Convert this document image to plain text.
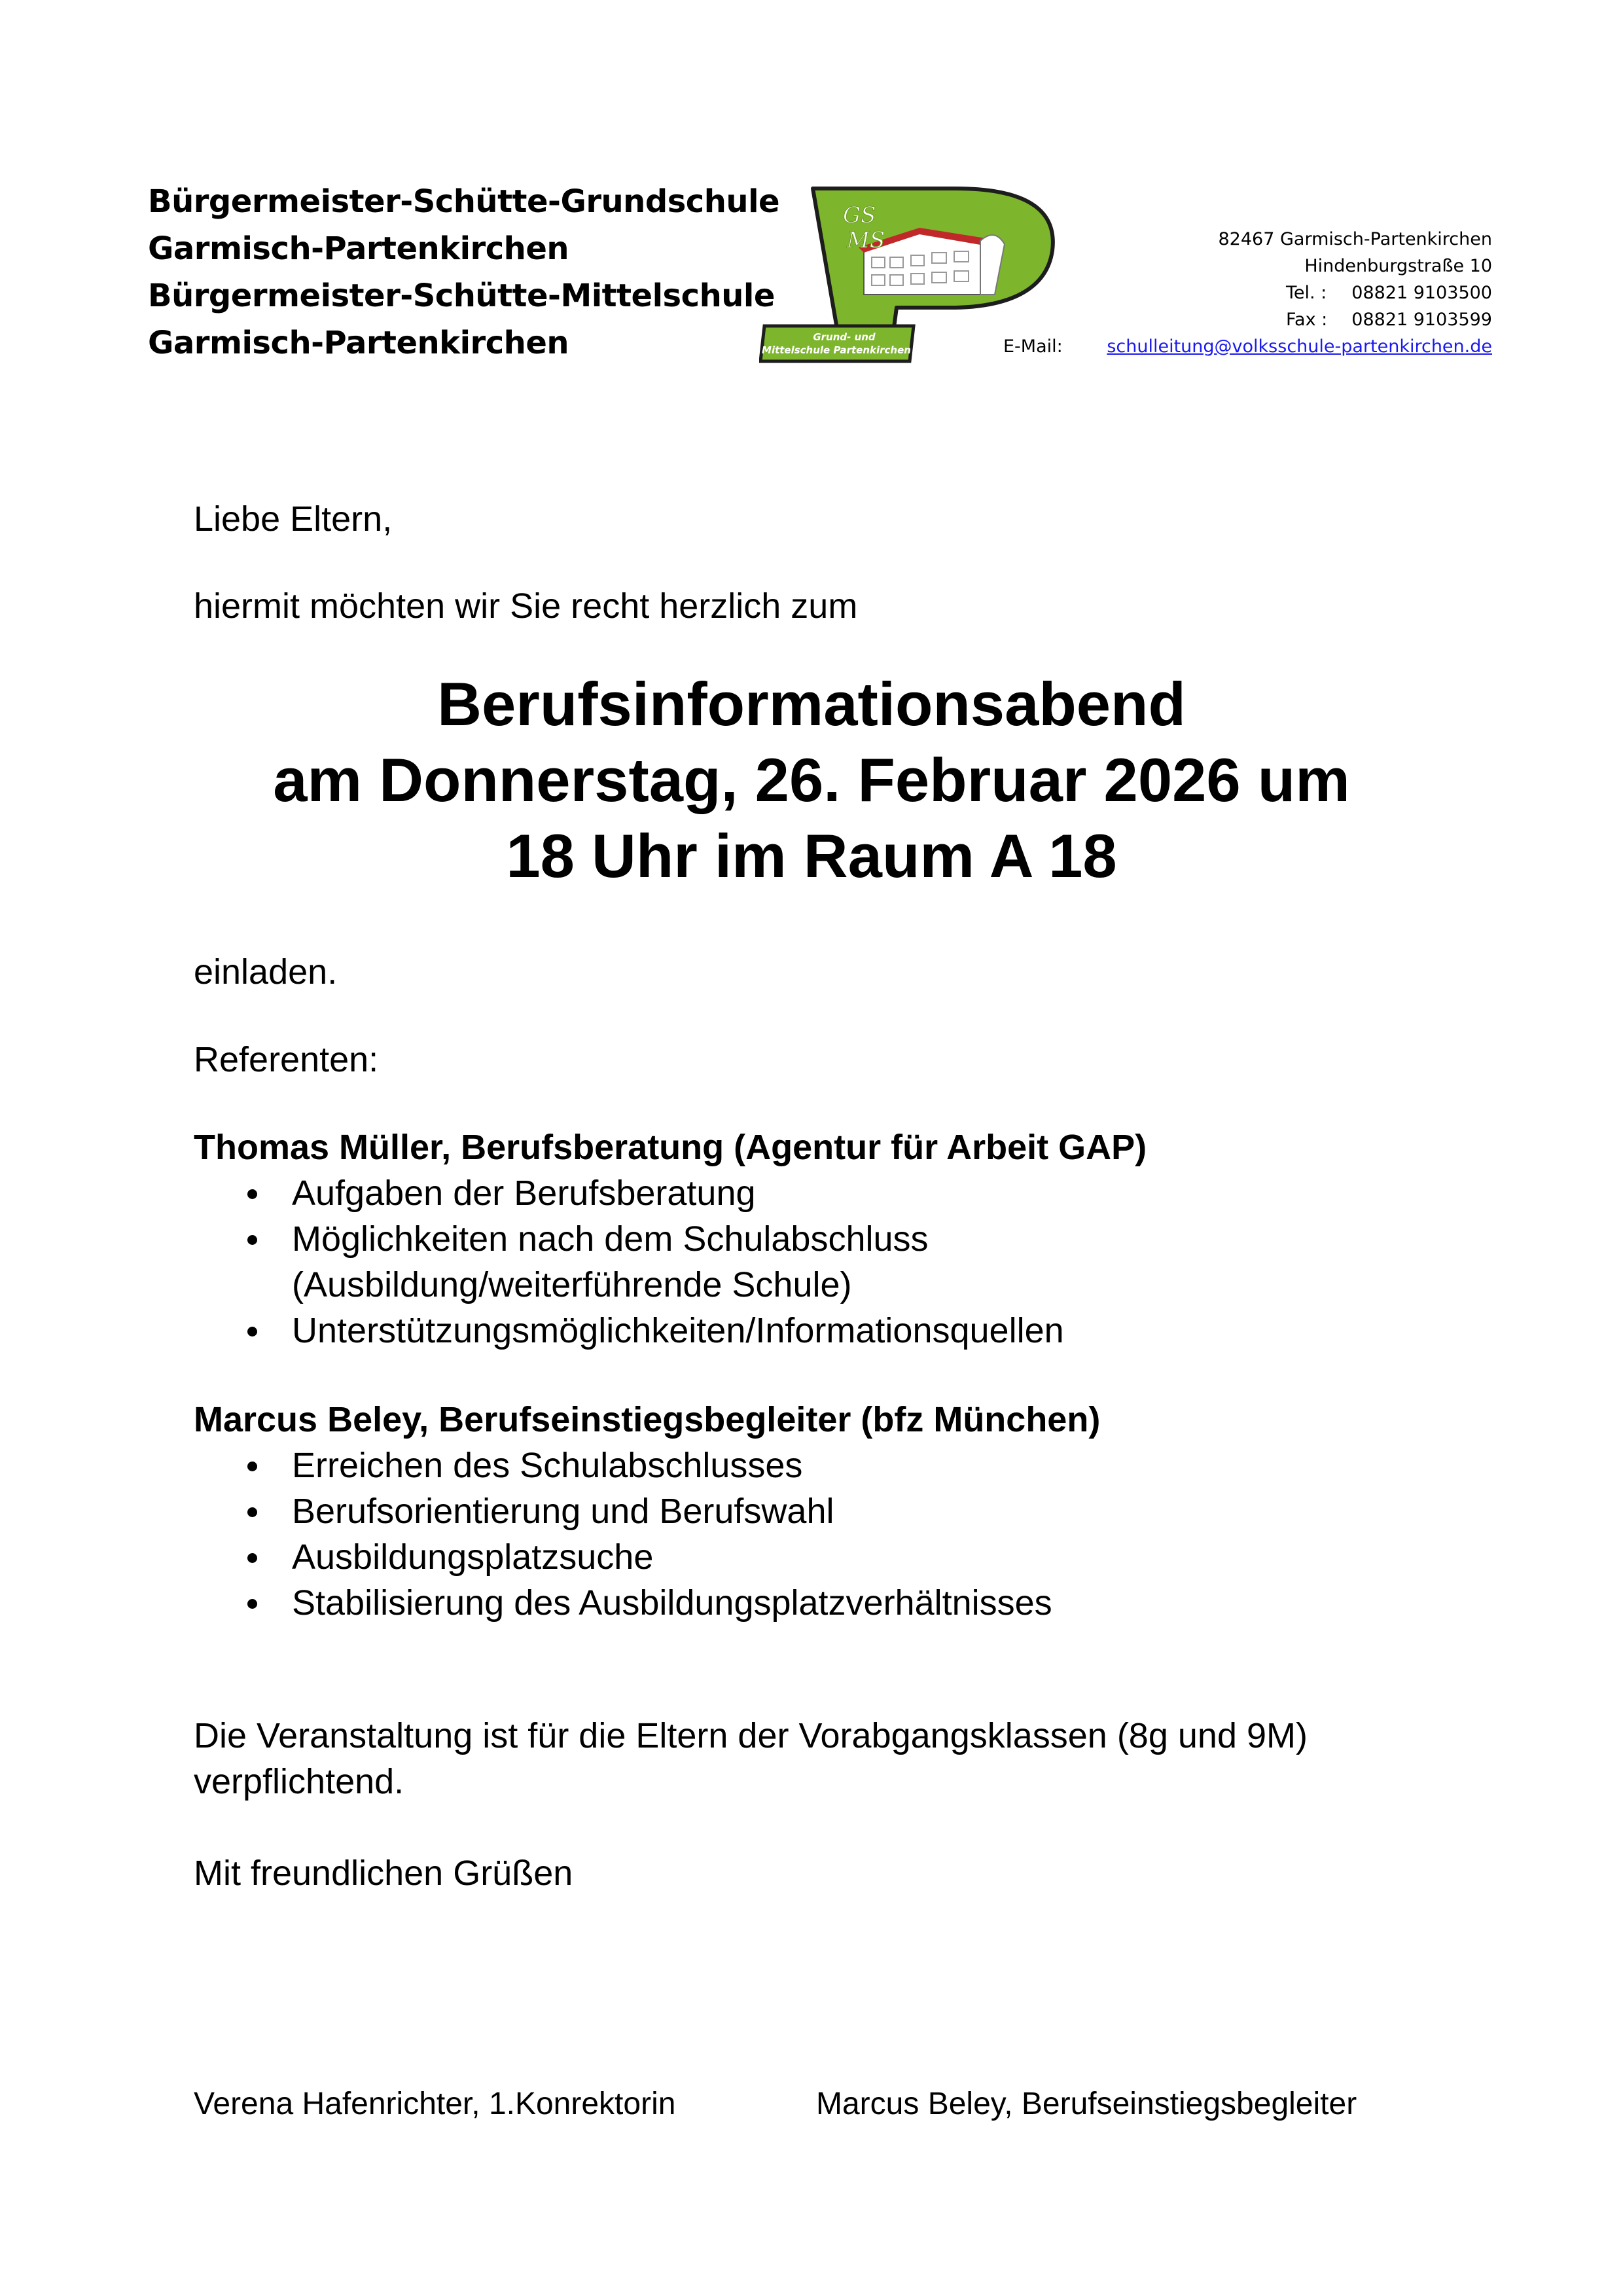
Bürgermeister-Schütte-Grundschule
Garmisch-Partenkirchen
Bürgermeister-Schütte-Mittelschule
Garmisch-Partenkirchen
GS
MS
Grund- und
Mittelschule Partenkirchen
82467 Garmisch-Partenkirchen
Hindenburgstraße 10
Tel. : 08821 9103500
Fax : 08821 9103599
E-Mail:	schulleitung@volksschule-partenkirchen.de
Liebe Eltern,
hiermit möchten wir Sie recht herzlich zum
Berufsinformationsabend
am Donnerstag, 26. Februar 2026 um
18 Uhr im Raum A 18
einladen.
Referenten:
Thomas Müller, Berufsberatung (Agentur für Arbeit GAP)
Aufgaben der Berufsberatung
Möglichkeiten nach dem Schulabschluss
(Ausbildung/weiterführende Schule)
Unterstützungsmöglichkeiten/Informationsquellen
Marcus Beley, Berufseinstiegsbegleiter (bfz München)
Erreichen des Schulabschlusses
Berufsorientierung und Berufswahl
Ausbildungsplatzsuche
Stabilisierung des Ausbildungsplatzverhältnisses
Die Veranstaltung ist für die Eltern der Vorabgangsklassen (8g und 9M)
verpflichtend.
Mit freundlichen Grüßen
Verena Hafenrichter, 1.Konrektorin	Marcus Beley, Berufseinstiegsbegleiter
